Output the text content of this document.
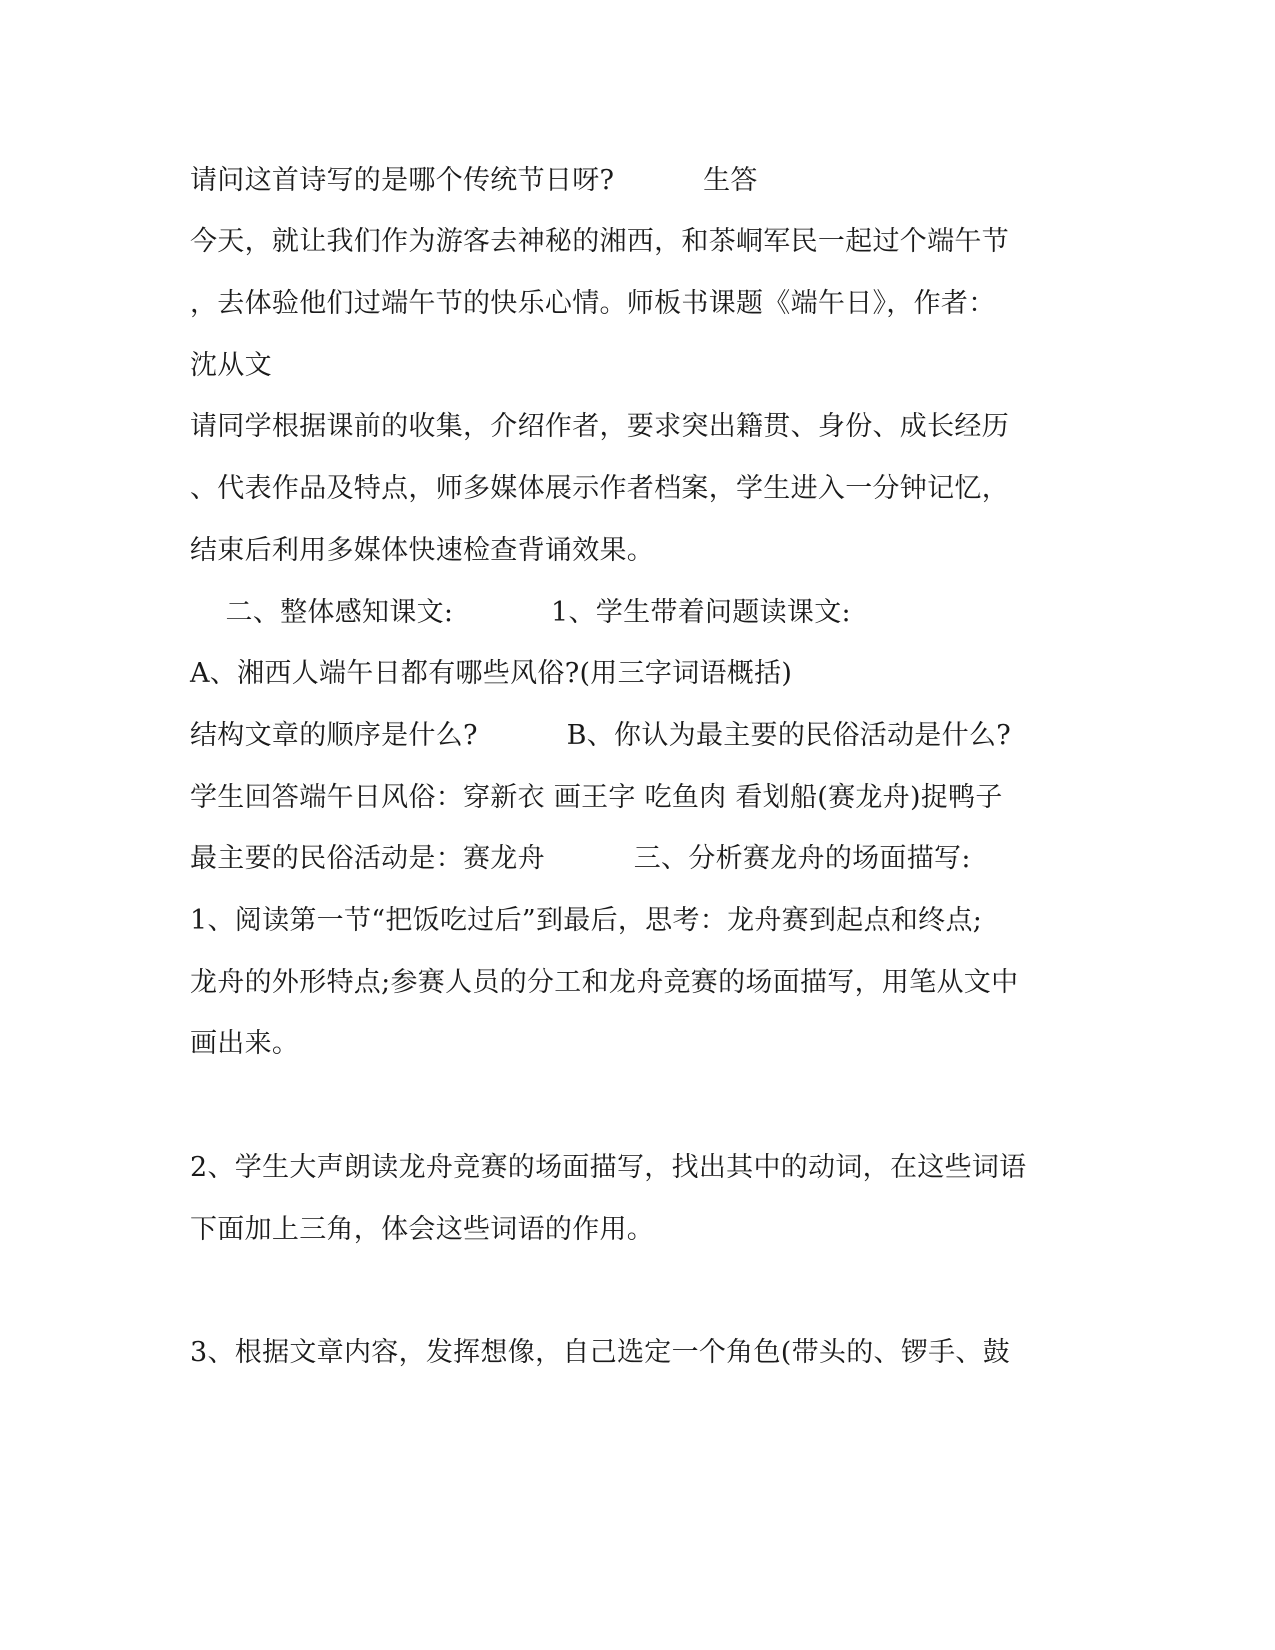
请问这首诗写的是哪个传统节日呀?          生答
今天，就让我们作为游客去神秘的湘西，和茶峒军民一起过个端午节
，去体验他们过端午节的快乐心情。师板书课题《端午日》，作者：
沈从文
请同学根据课前的收集，介绍作者，要求突出籍贯、身份、成长经历
、代表作品及特点，师多媒体展示作者档案，学生进入一分钟记忆，
结束后利用多媒体快速检查背诵效果。
二、整体感知课文:           1、学生带着问题读课文:
A、湘西人端午日都有哪些风俗?(用三字词语概括)
结构文章的顺序是什么?          B、你认为最主要的民俗活动是什么?
学生回答端午日风俗：穿新衣 画王字 吃鱼肉 看划船(赛龙舟)捉鸭子
最主要的民俗活动是：赛龙舟          三、分析赛龙舟的场面描写:
1、阅读第一节“把饭吃过后”到最后，思考：龙舟赛到起点和终点;
龙舟的外形特点;参赛人员的分工和龙舟竞赛的场面描写，用笔从文中
画出来。
2、学生大声朗读龙舟竞赛的场面描写，找出其中的动词，在这些词语
下面加上三角，体会这些词语的作用。
3、根据文章内容，发挥想像，自己选定一个角色(带头的、锣手、鼓
